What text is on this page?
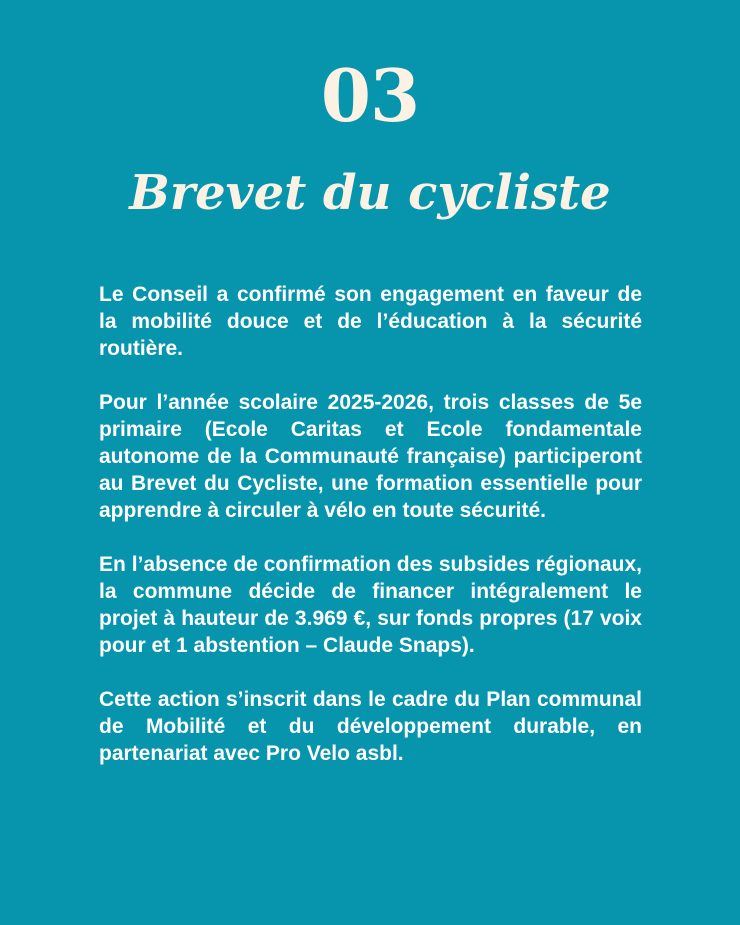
03
Brevet du cycliste

Le Conseil a confirmé son engagement en faveur de la mobilité douce et de l’éducation à la sécurité routière.

Pour l’année scolaire 2025-2026, trois classes de 5e primaire (Ecole Caritas et Ecole fondamentale autonome de la Communauté française) participeront au Brevet du Cycliste, une formation essentielle pour apprendre à circuler à vélo en toute sécurité.

En l’absence de confirmation des subsides régionaux, la commune décide de financer intégralement le projet à hauteur de 3.969 €, sur fonds propres (17 voix pour et 1 abstention – Claude Snaps).

Cette action s’inscrit dans le cadre du Plan communal de Mobilité et du développement durable, en partenariat avec Pro Velo asbl.
